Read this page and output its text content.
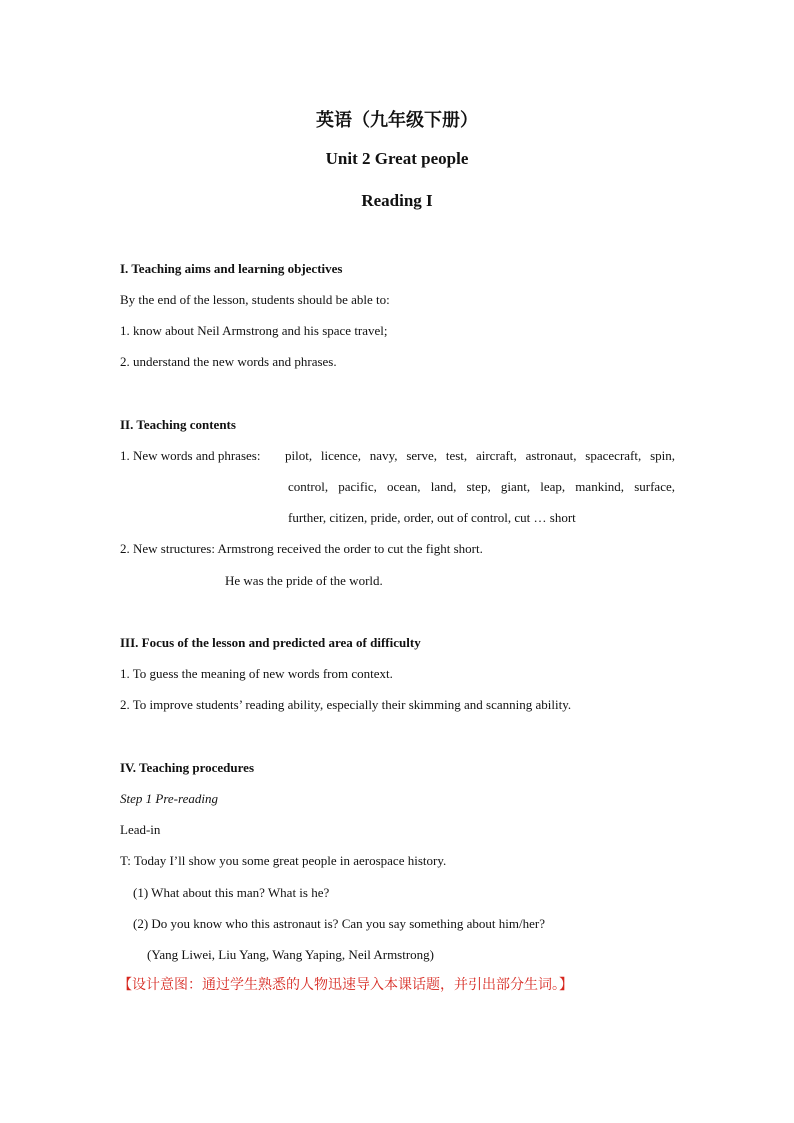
英语（九年级下册）
Unit 2 Great people
Reading I
I. Teaching aims and learning objectives
By the end of the lesson, students should be able to:
1. know about Neil Armstrong and his space travel;
2. understand the new words and phrases.
II. Teaching contents
1. New words and phrases: pilot, licence, navy, serve, test, aircraft, astronaut, spacecraft, spin,
control, pacific, ocean, land, step, giant, leap, mankind, surface,
further, citizen, pride, order, out of control, cut … short
2. New structures: Armstrong received the order to cut the fight short.
He was the pride of the world.
III. Focus of the lesson and predicted area of difficulty
1. To guess the meaning of new words from context.
2. To improve students’ reading ability, especially their skimming and scanning ability.
IV. Teaching procedures
Step 1 Pre-reading
Lead-in
T: Today I’ll show you some great people in aerospace history.
(1) What about this man? What is he?
(2) Do you know who this astronaut is? Can you say something about him/her?
(Yang Liwei, Liu Yang, Wang Yaping, Neil Armstrong)
【设计意图：通过学生熟悉的人物迅速导入本课话题，并引出部分生词。】
